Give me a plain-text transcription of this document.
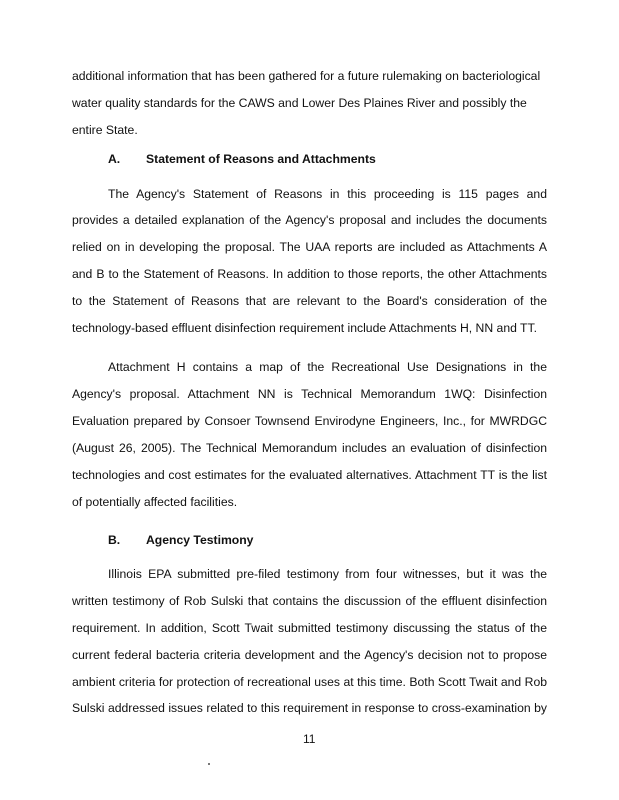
additional information that has been gathered for a future rulemaking on bacteriological
water quality standards for the CAWS and Lower Des Plaines River and possibly the
entire State.
A. Statement of Reasons and Attachments
The Agency's Statement of Reasons in this proceeding is 115 pages and
provides a detailed explanation of the Agency's proposal and includes the documents
relied on in developing the proposal. The UAA reports are included as Attachments A
and B to the Statement of Reasons. In addition to those reports, the other Attachments
to the Statement of Reasons that are relevant to the Board's consideration of the
technology-based effluent disinfection requirement include Attachments H, NN and TT.
Attachment H contains a map of the Recreational Use Designations in the
Agency's proposal. Attachment NN is Technical Memorandum 1WQ: Disinfection
Evaluation prepared by Consoer Townsend Envirodyne Engineers, Inc., for MWRDGC
(August 26, 2005). The Technical Memorandum includes an evaluation of disinfection
technologies and cost estimates for the evaluated alternatives. Attachment TT is the list
of potentially affected facilities.
B. Agency Testimony
Illinois EPA submitted pre-filed testimony from four witnesses, but it was the
written testimony of Rob Sulski that contains the discussion of the effluent disinfection
requirement. In addition, Scott Twait submitted testimony discussing the status of the
current federal bacteria criteria development and the Agency's decision not to propose
ambient criteria for protection of recreational uses at this time. Both Scott Twait and Rob
Sulski addressed issues related to this requirement in response to cross-examination by
11
